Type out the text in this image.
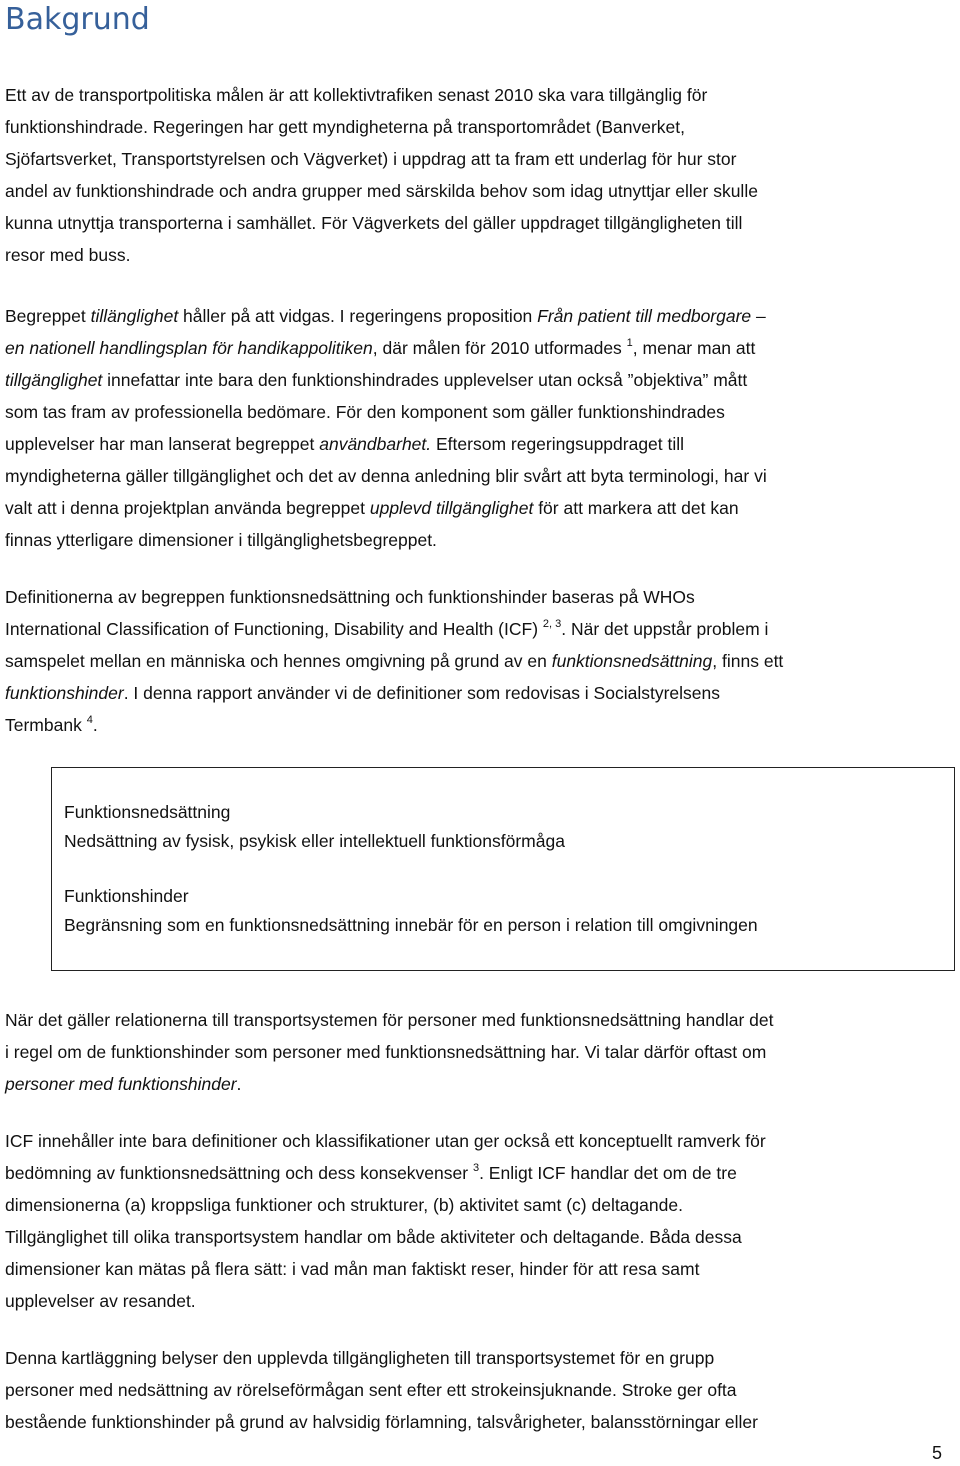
Bakgrund
Ett av de transportpolitiska målen är att kollektivtrafiken senast 2010 ska vara tillgänglig för
funktionshindrade. Regeringen har gett myndigheterna på transportområdet (Banverket,
Sjöfartsverket, Transportstyrelsen och Vägverket) i uppdrag att ta fram ett underlag för hur stor
andel av funktionshindrade och andra grupper med särskilda behov som idag utnyttjar eller skulle
kunna utnyttja transporterna i samhället. För Vägverkets del gäller uppdraget tillgängligheten till
resor med buss.
Begreppet tillänglighet håller på att vidgas. I regeringens proposition Från patient till medborgare –
en nationell handlingsplan för handikappolitiken, där målen för 2010 utformades $^1$, menar man att
tillgänglighet innefattar inte bara den funktionshindrades upplevelser utan också ”objektiva” mått
som tas fram av professionella bedömare. För den komponent som gäller funktionshindrades
upplevelser har man lanserat begreppet användbarhet. Eftersom regeringsuppdraget till
myndigheterna gäller tillgänglighet och det av denna anledning blir svårt att byta terminologi, har vi
valt att i denna projektplan använda begreppet upplevd tillgänglighet för att markera att det kan
finnas ytterligare dimensioner i tillgänglighetsbegreppet.
Definitionerna av begreppen funktionsnedsättning och funktionshinder baseras på WHOs
International Classification of Functioning, Disability and Health (ICF) $^{2, 3}$. När det uppstår problem i
samspelet mellan en människa och hennes omgivning på grund av en funktionsnedsättning, finns ett
funktionshinder. I denna rapport använder vi de definitioner som redovisas i Socialstyrelsens
Termbank $^4$.
Funktionsnedsättning
Nedsättning av fysisk, psykisk eller intellektuell funktionsförmåga
Funktionshinder
Begränsning som en funktionsnedsättning innebär för en person i relation till omgivningen
När det gäller relationerna till transportsystemen för personer med funktionsnedsättning handlar det
i regel om de funktionshinder som personer med funktionsnedsättning har. Vi talar därför oftast om
personer med funktionshinder.
ICF innehåller inte bara definitioner och klassifikationer utan ger också ett konceptuellt ramverk för
bedömning av funktionsnedsättning och dess konsekvenser $^3$. Enligt ICF handlar det om de tre
dimensionerna (a) kroppsliga funktioner och strukturer, (b) aktivitet samt (c) deltagande.
Tillgänglighet till olika transportsystem handlar om både aktiviteter och deltagande. Båda dessa
dimensioner kan mätas på flera sätt: i vad mån man faktiskt reser, hinder för att resa samt
upplevelser av resandet.
Denna kartläggning belyser den upplevda tillgängligheten till transportsystemet för en grupp
personer med nedsättning av rörelseförmågan sent efter ett strokeinsjuknande. Stroke ger ofta
bestående funktionshinder på grund av halvsidig förlamning, talsvårigheter, balansstörningar eller
5
